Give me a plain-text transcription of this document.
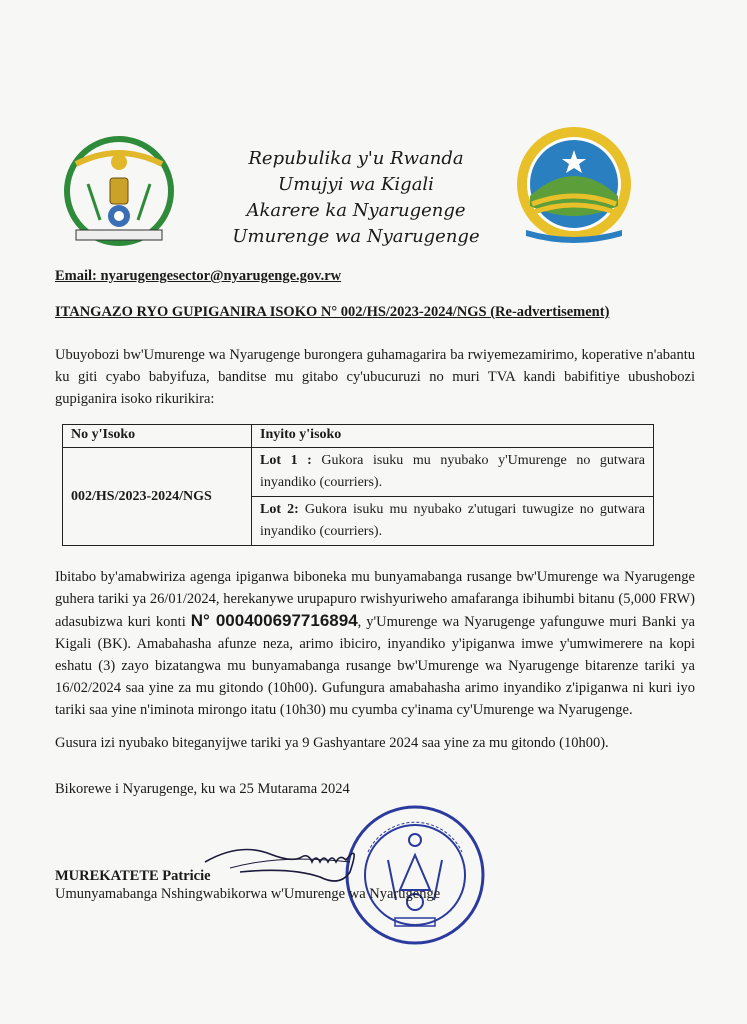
Repubulika y'u Rwanda
Umujyi wa Kigali
Akarere ka Nyarugenge
Umurenge wa Nyarugenge
Email: nyarugengesector@nyarugenge.gov.rw
ITANGAZO RYO GUPIGANIRA ISOKO N° 002/HS/2023-2024/NGS (Re-advertisement)
Ubuyobozi bw'Umurenge wa Nyarugenge burongera guhamagarira ba rwiyemezamirimo, koperative n'abantu ku giti cyabo babyifuza, banditse mu gitabo cy'ubucuruzi no muri TVA kandi babifitiye ubushobozi gupiganira isoko rikurikira:
No y'Isoko	Inyito y'isoko
002/HS/2023-2024/NGS	Lot 1 : Gukora isuku mu nyubako y'Umurenge no gutwara inyandiko (courriers).
	Lot 2: Gukora isuku mu nyubako z'utugari tuwugize no gutwara inyandiko (courriers).
Ibitabo by'amabwiriza agenga ipiganwa biboneka mu bunyamabanga rusange bw'Umurenge wa Nyarugenge guhera tariki ya 26/01/2024, herekanywe urupapuro rwishyuriweho amafaranga ibihumbi bitanu (5,000 FRW) adasubizwa kuri konti N° 000400697716894, y'Umurenge wa Nyarugenge yafunguwe muri Banki ya Kigali (BK). Amabahasha afunze neza, arimo ibiciro, inyandiko y'ipiganwa imwe y'umwimerere na kopi eshatu (3) zayo bizatangwa mu bunyamabanga rusange bw'Umurenge wa Nyarugenge bitarenze tariki ya 16/02/2024 saa yine za mu gitondo (10h00). Gufungura amabahasha arimo inyandiko z'ipiganwa ni kuri iyo tariki saa yine n'iminota mirongo itatu (10h30) mu cyumba cy'inama cy'Umurenge wa Nyarugenge.
Gusura izi nyubako biteganyijwe tariki ya 9 Gashyantare 2024 saa yine za mu gitondo (10h00).
Bikorewe i Nyarugenge, ku wa 25 Mutarama 2024
MUREKATETE Patricie
Umunyamabanga Nshingwabikorwa w'Umurenge wa Nyarugenge
